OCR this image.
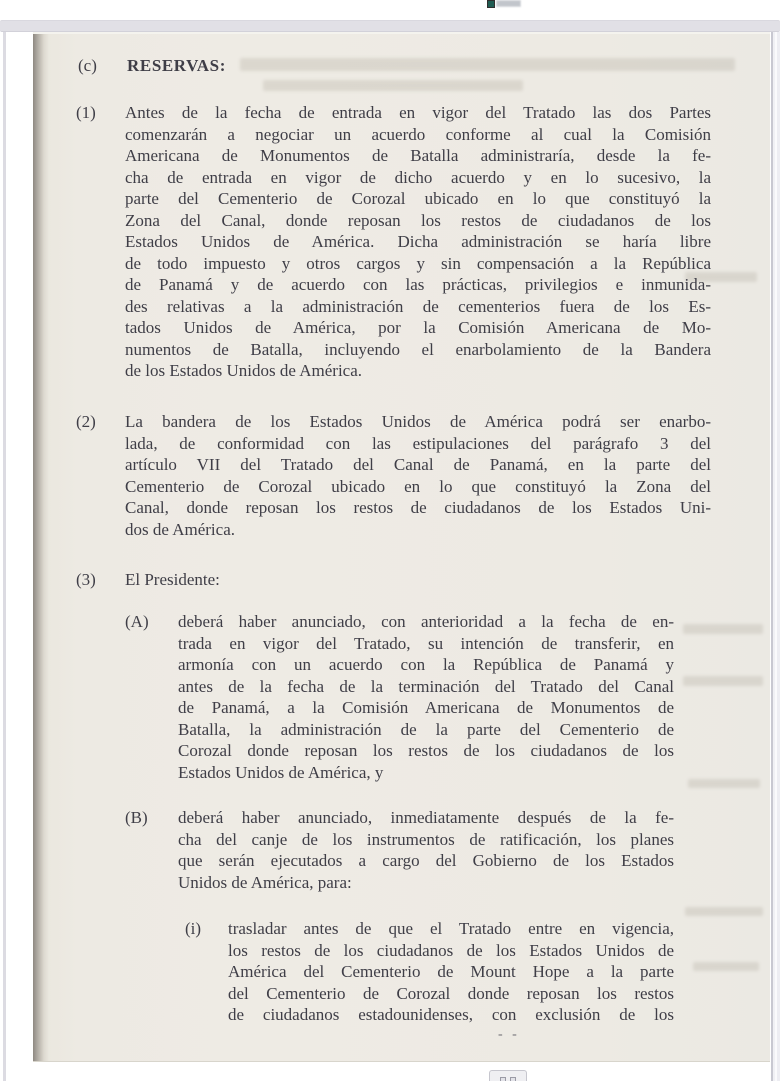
(c) RESERVAS:
(1) Antes de la fecha de entrada en vigor del Tratado las dos Partes
comenzarán a negociar un acuerdo conforme al cual la Comisión
Americana de Monumentos de Batalla administraría, desde la fe-
cha de entrada en vigor de dicho acuerdo y en lo sucesivo, la
parte del Cementerio de Corozal ubicado en lo que constituyó la
Zona del Canal, donde reposan los restos de ciudadanos de los
Estados Unidos de América. Dicha administración se haría libre
de todo impuesto y otros cargos y sin compensación a la República
de Panamá y de acuerdo con las prácticas, privilegios e inmunida-
des relativas a la administración de cementerios fuera de los Es-
tados Unidos de América, por la Comisión Americana de Mo-
numentos de Batalla, incluyendo el enarbolamiento de la Bandera
de los Estados Unidos de América.
(2) La bandera de los Estados Unidos de América podrá ser enarbo-
lada, de conformidad con las estipulaciones del parágrafo 3 del
artículo VII del Tratado del Canal de Panamá, en la parte del
Cementerio de Corozal ubicado en lo que constituyó la Zona del
Canal, donde reposan los restos de ciudadanos de los Estados Uni-
dos de América.
(3) El Presidente:
(A) deberá haber anunciado, con anterioridad a la fecha de en-
trada en vigor del Tratado, su intención de transferir, en
armonía con un acuerdo con la República de Panamá y
antes de la fecha de la terminación del Tratado del Canal
de Panamá, a la Comisión Americana de Monumentos de
Batalla, la administración de la parte del Cementerio de
Corozal donde reposan los restos de los ciudadanos de los
Estados Unidos de América, y
(B) deberá haber anunciado, inmediatamente después de la fe-
cha del canje de los instrumentos de ratificación, los planes
que serán ejecutados a cargo del Gobierno de los Estados
Unidos de América, para:
(i) trasladar antes de que el Tratado entre en vigencia,
los restos de los ciudadanos de los Estados Unidos de
América del Cementerio de Mount Hope a la parte
del Cementerio de Corozal donde reposan los restos
de ciudadanos estadounidenses, con exclusión de los
- -
